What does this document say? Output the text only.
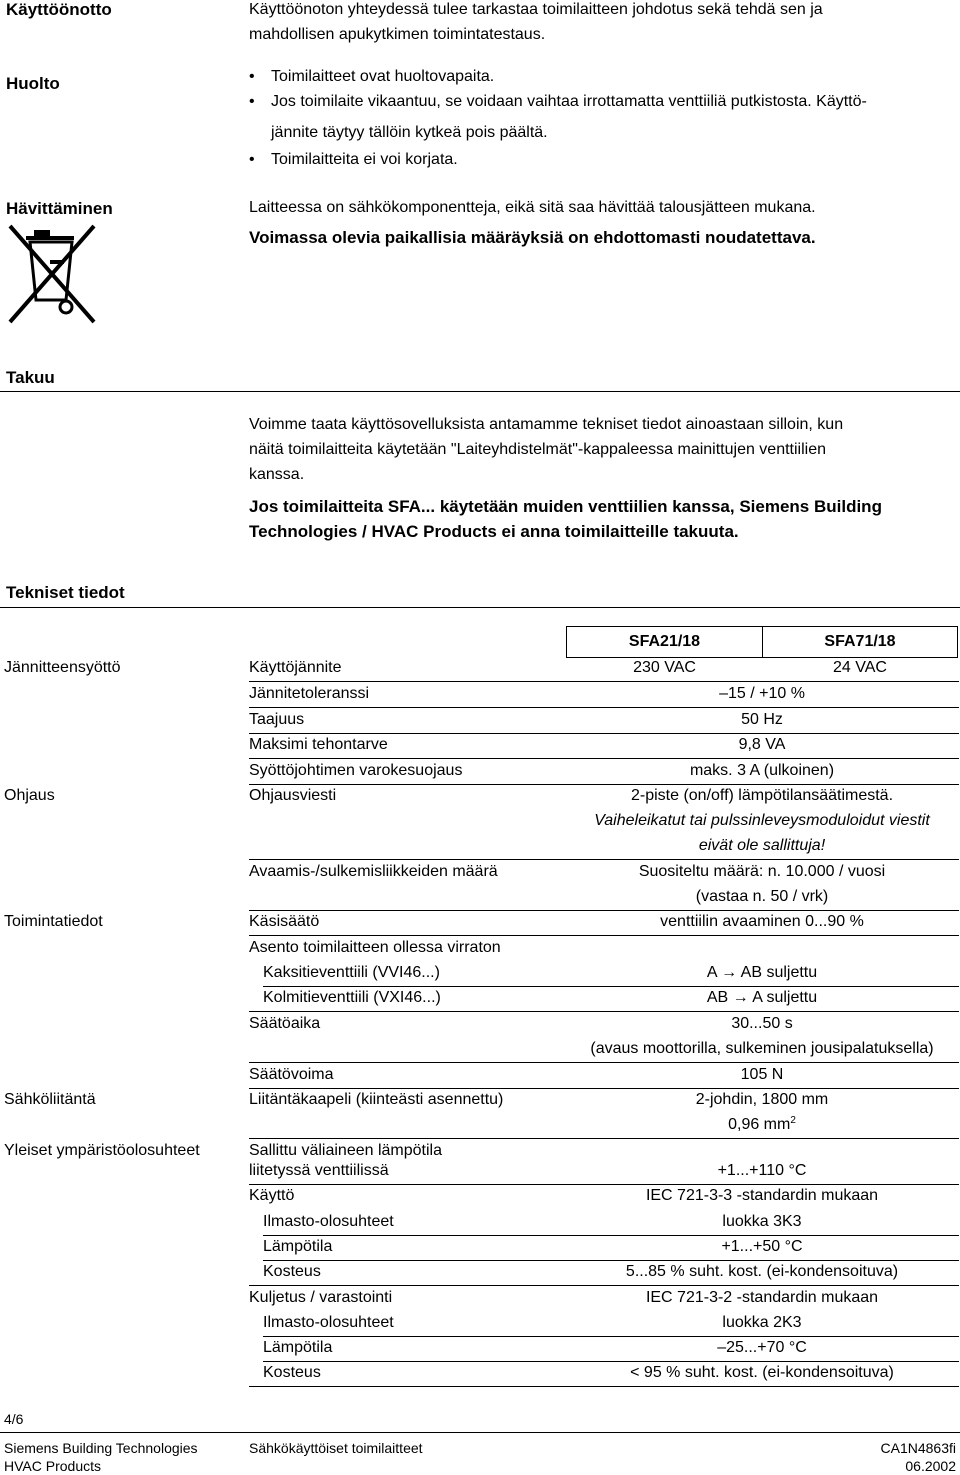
Käyttöönotto	Käyttöönoton yhteydessä tulee tarkastaa toimilaitteen johdotus sekä tehdä sen ja
mahdollisen apukytkimen toimintatestaus.
Huolto
•	Toimilaitteet ovat huoltovapaita.
• Jos toimilaite vikaantuu, se voidaan vaihtaa irrottamatta venttiiliä putkistosta. Käyttö-
jännite täytyy tällöin kytkeä pois päältä.
• Toimilaitteita ei voi korjata.
Hävittäminen	Laitteessa on sähkökomponentteja, eikä sitä saa hävittää talousjätteen mukana.
Voimassa olevia paikallisia määräyksiä on ehdottomasti noudatettava.
Takuu
Voimme taata käyttösovelluksista antamamme tekniset tiedot ainoastaan silloin, kun
näitä toimilaitteita käytetään "Laiteyhdistelmät"-kappaleessa mainittujen venttiilien
kanssa.
Jos toimilaitteita SFA... käytetään muiden venttiilien kanssa, Siemens Building
Technologies / HVAC Products ei anna toimilaitteille takuuta.
Tekniset tiedot
SFA21/18	SFA71/18
Jännitteensyöttö
Ohjaus
Toimintatiedot
Sähköliitäntä
Yleiset ympäristöolosuhteet
Käyttöjännite	230 VAC	24 VAC
Jännitetoleranssi	–15 / +10 %
Taajuus	50 Hz
Maksimi tehontarve	9,8 VA
Syöttöjohtimen varokesuojaus	maks. 3 A (ulkoinen)
Ohjausviesti	2-piste (on/off) lämpötilansäätimestä.
Vaiheleikatut tai pulssinleveysmoduloidut viestit
eivät ole sallittuja!
Avaamis-/sulkemisliikkeiden määrä	Suositeltu määrä: n. 10.000 / vuosi
(vastaa n. 50 / vrk)
Käsisäätö	venttiilin avaaminen 0...90 %
Asento toimilaitteen ollessa virraton
Kaksitieventtiili (VVI46...)	A → AB suljettu
Kolmitieventtiili (VXI46...)	AB → A suljettu
Säätöaika	30...50 s
(avaus moottorilla, sulkeminen jousipalatuksella)
Säätövoima	105 N
Liitäntäkaapeli (kiinteästi asennettu)	2-johdin, 1800 mm
0,96 $mm^2$
Sallittu väliaineen lämpötila
liitetyssä venttiilissä	+1...+110 °C
Käyttö	IEC 721-3-3 -standardin mukaan
Ilmasto-olosuhteet	luokka 3K3
Lämpötila	+1...+50 °C
Kosteus	5...85 % suht. kost. (ei-kondensoituva)
Kuljetus / varastointi	IEC 721-3-2 -standardin mukaan
Ilmasto-olosuhteet	luokka 2K3
Lämpötila	–25...+70 °C
Kosteus	< 95 % suht. kost. (ei-kondensoituva)
4/6
Siemens Building Technologies
HVAC Products
Sähkökäyttöiset toimilaitteet	CA1N4863fi
06.2002
